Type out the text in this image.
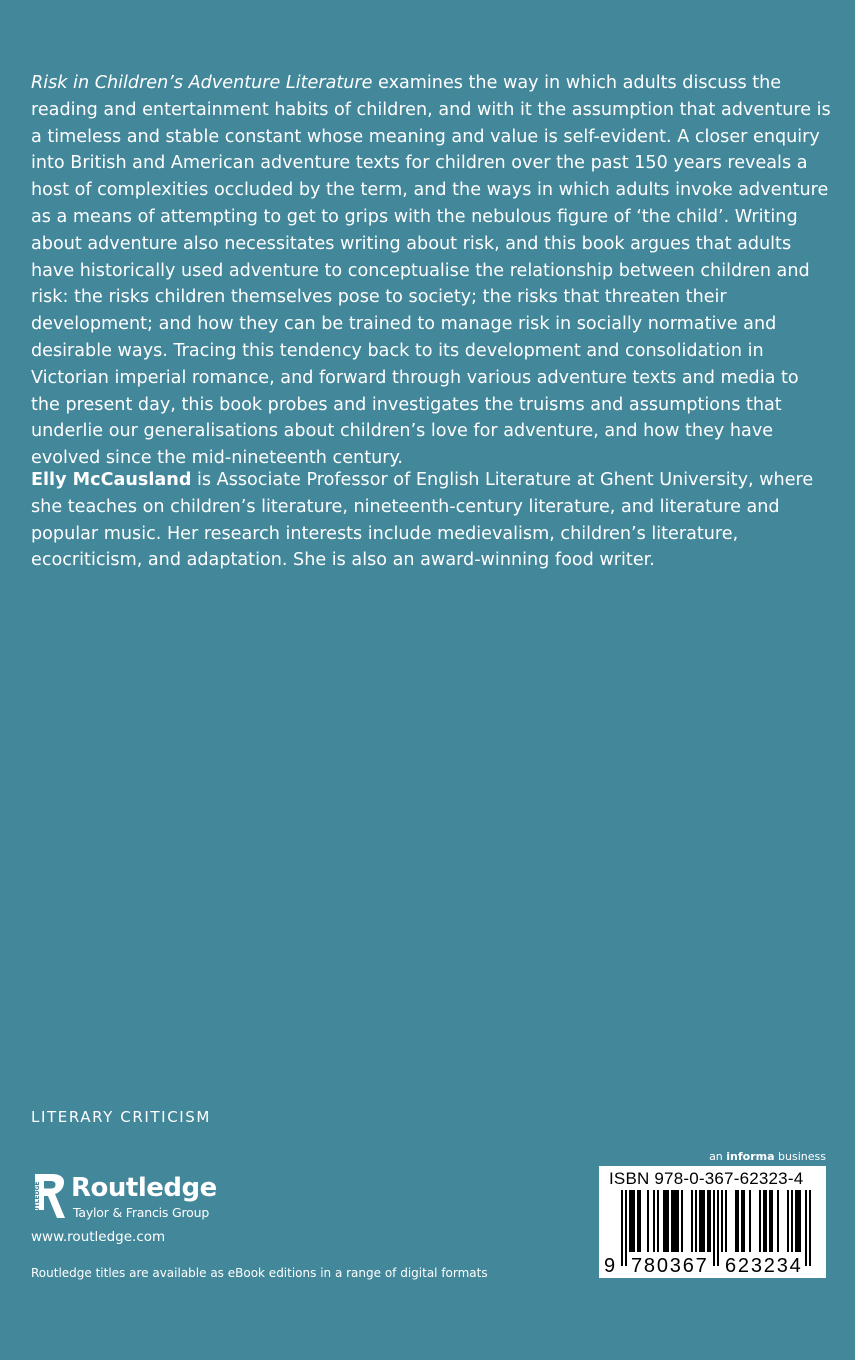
Risk in Children’s Adventure Literature examines the way in which adults discuss the reading and entertainment habits of children, and with it the assumption that adventure is a timeless and stable constant whose meaning and value is self-evident. A closer enquiry into British and American adventure texts for children over the past 150 years reveals a host of complexities occluded by the term, and the ways in which adults invoke adventure as a means of attempting to get to grips with the nebulous figure of ‘the child’. Writing about adventure also necessitates writing about risk, and this book argues that adults have historically used adventure to conceptualise the relationship between children and risk: the risks children themselves pose to society; the risks that threaten their development; and how they can be trained to manage risk in socially normative and desirable ways. Tracing this tendency back to its development and consolidation in Victorian imperial romance, and forward through various adventure texts and media to the present day, this book probes and investigates the truisms and assumptions that underlie our generalisations about children’s love for adventure, and how they have evolved since the mid-nineteenth century.

Elly McCausland is Associate Professor of English Literature at Ghent University, where she teaches on children’s literature, nineteenth-century literature, and literature and popular music. Her research interests include medievalism, children’s literature, ecocriticism, and adaptation. She is also an award-winning food writer.

LITERARY CRITICISM
ROUTLEDGE Routledge
Taylor & Francis Group
www.routledge.com
Routledge titles are available as eBook editions in a range of digital formats
an informa business
ISBN 978-0-367-62323-4
9 780367 623234
